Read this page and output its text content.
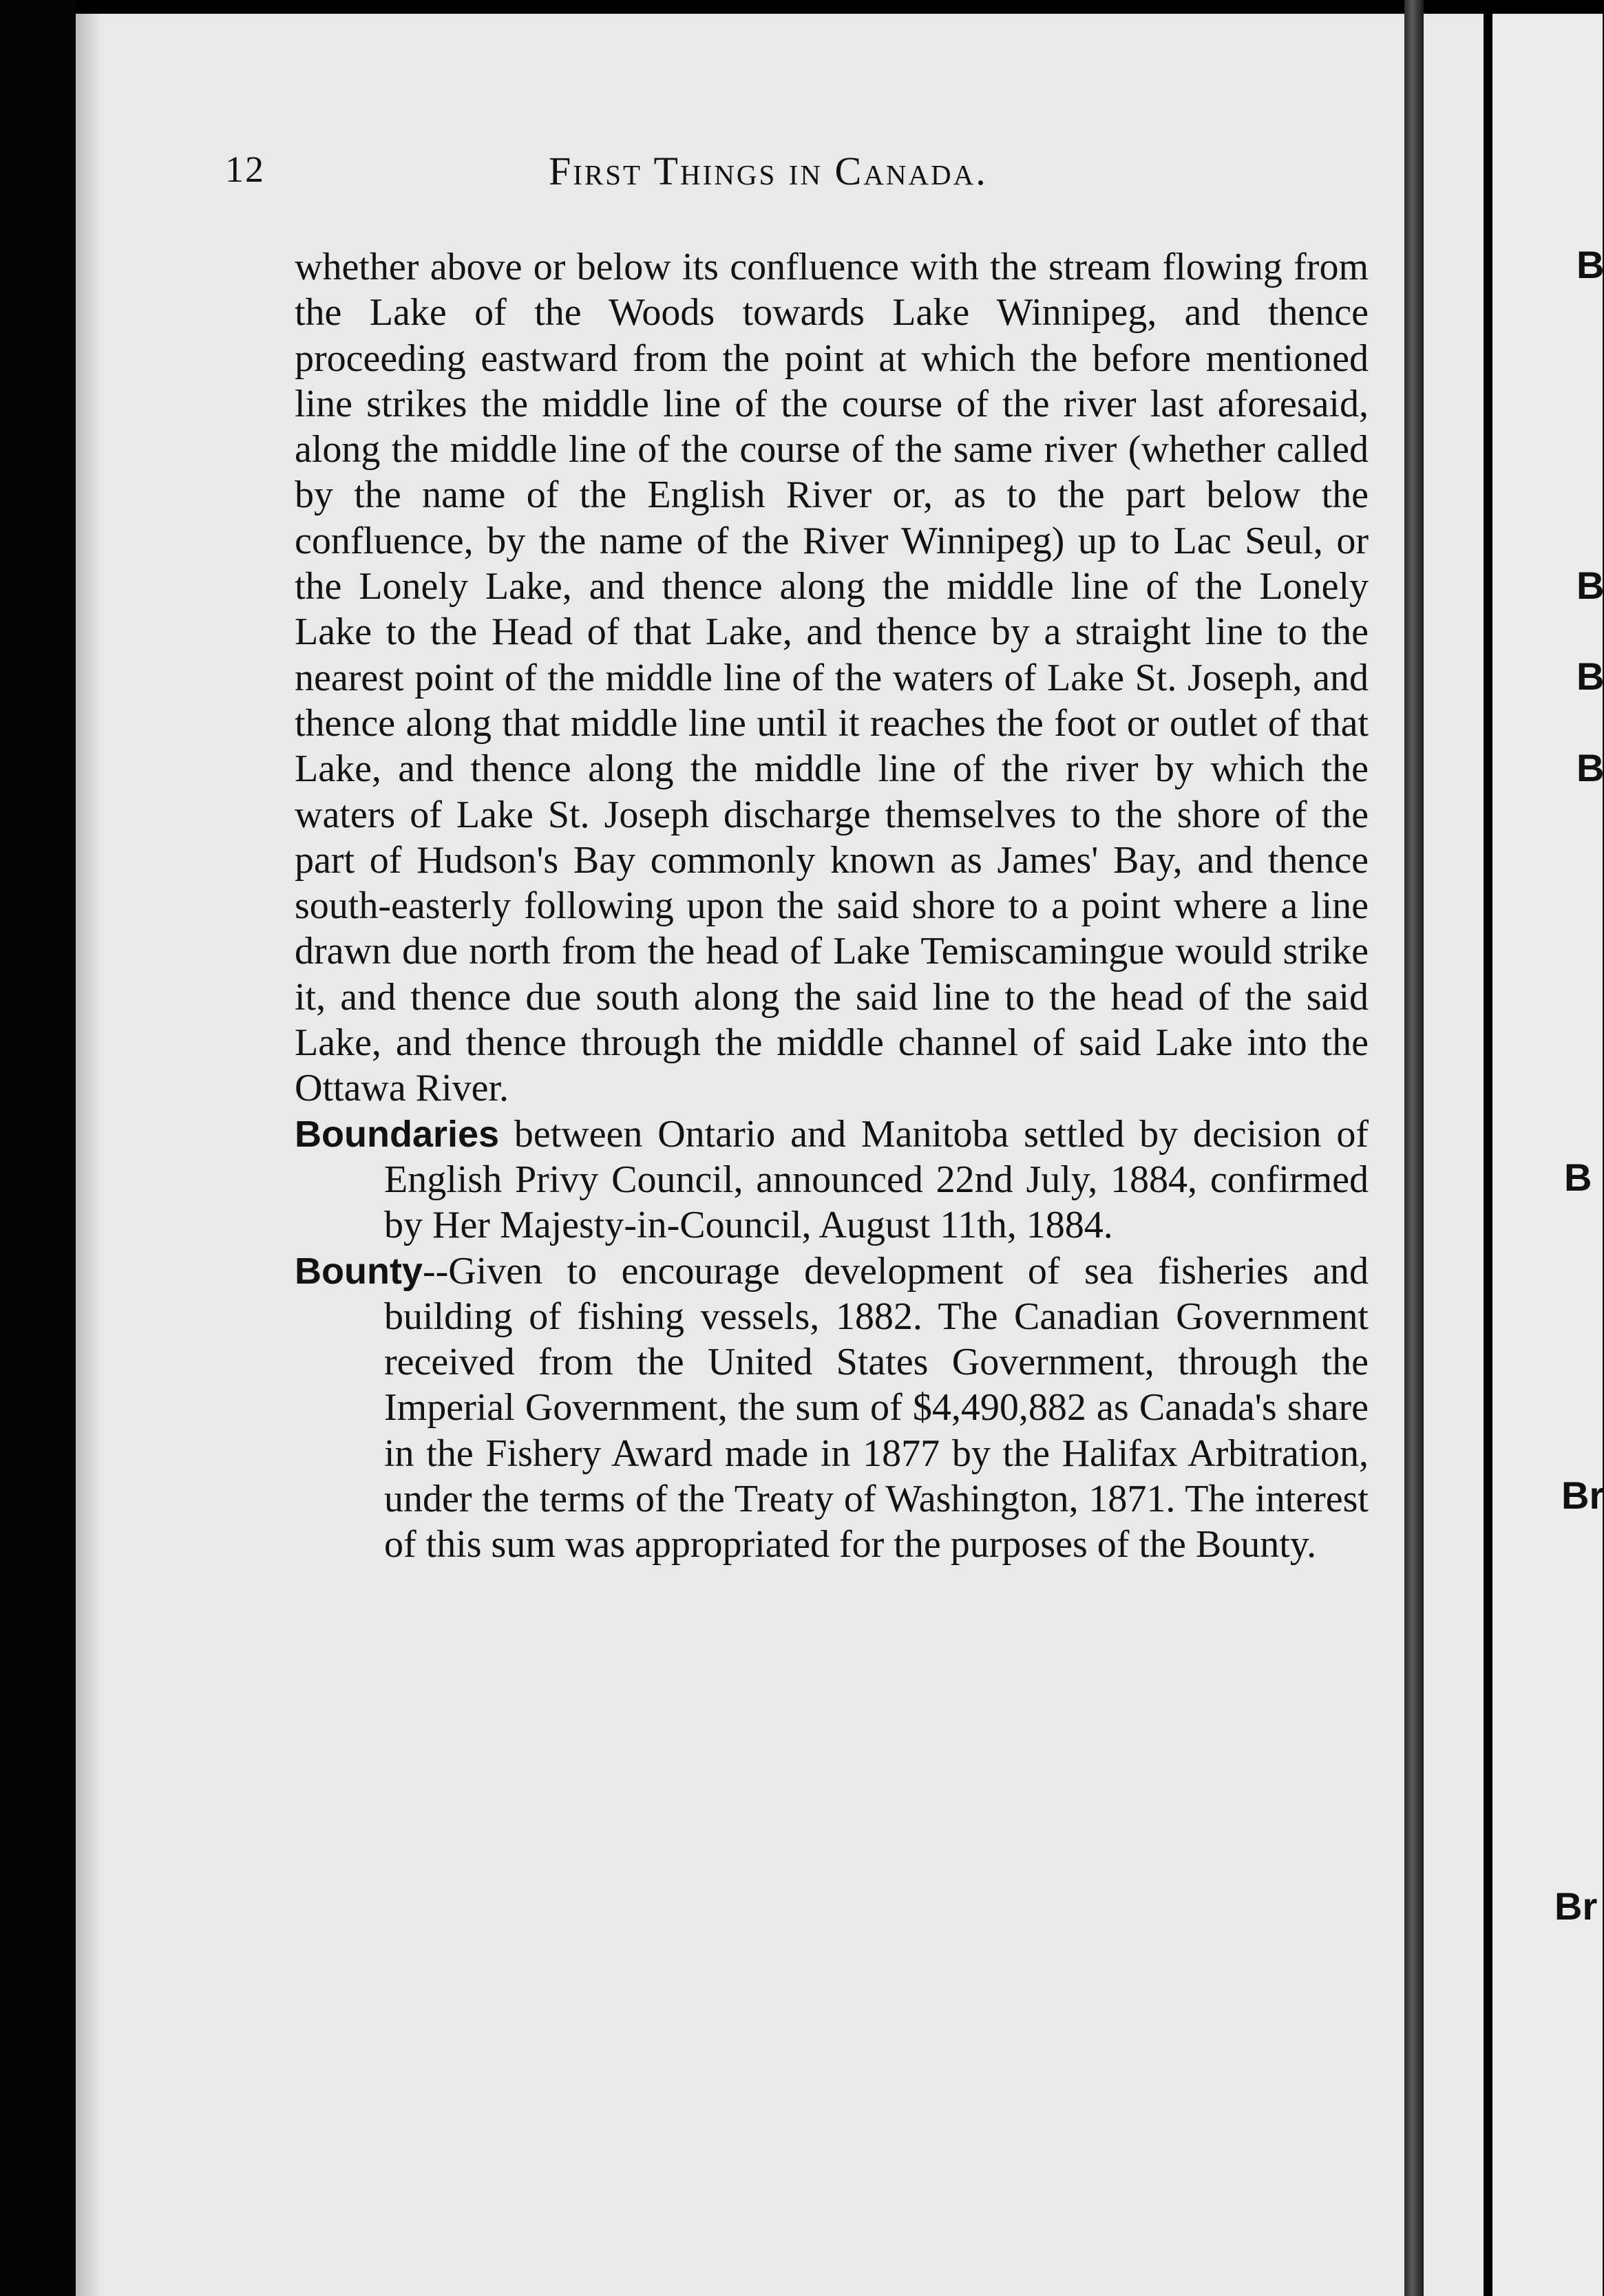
B
B
B
B
B
Br
Br
12	First Things in Canada.

whether above or below its confluence with the stream flowing from the Lake of the Woods towards Lake Winnipeg, and thence proceeding eastward from the point at which the before mentioned line strikes the middle line of the course of the river last aforesaid, along the middle line of the course of the same river (whether called by the name of the English River or, as to the part below the confluence, by the name of the River Winnipeg) up to Lac Seul, or the Lonely Lake, and thence along the middle line of the Lonely Lake to the Head of that Lake, and thence by a straight line to the nearest point of the middle line of the waters of Lake St. Joseph, and thence along that middle line until it reaches the foot or outlet of that Lake, and thence along the middle line of the river by which the waters of Lake St. Joseph discharge themselves to the shore of the part of Hudson's Bay commonly known as James' Bay, and thence south-easterly following upon the said shore to a point where a line drawn due north from the head of Lake Temiscamingue would strike it, and thence due south along the said line to the head of the said Lake, and thence through the middle channel of said Lake into the Ottawa River.

Boundaries between Ontario and Manitoba settled by decision of English Privy Council, announced 22nd July, 1884, confirmed by Her Majesty-in-Council, August 11th, 1884.

Bounty--Given to encourage development of sea fisheries and building of fishing vessels, 1882. The Canadian Government received from the United States Government, through the Imperial Government, the sum of $4,490,882 as Canada's share in the Fishery Award made in 1877 by the Halifax Arbitration, under the terms of the Treaty of Washington, 1871. The interest of this sum was appropriated for the purposes of the Bounty.
